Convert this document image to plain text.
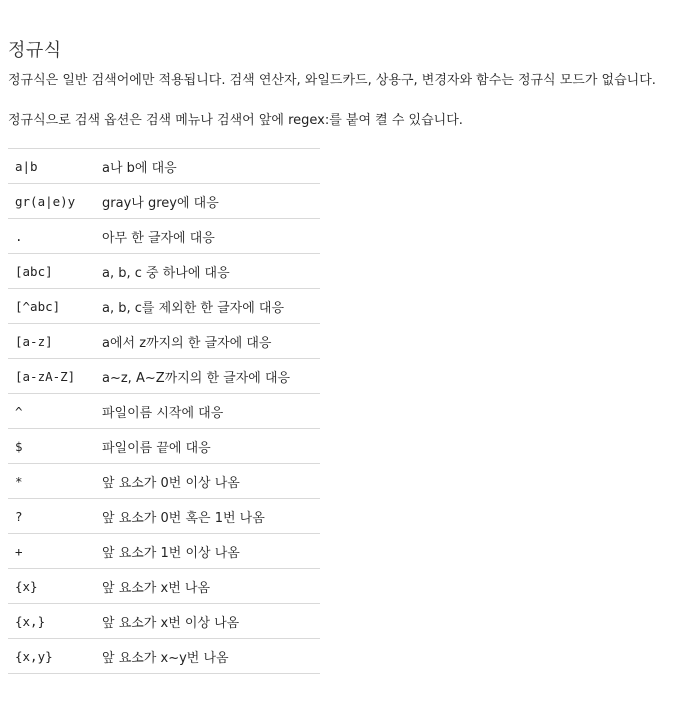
정규식

정규식은 일반 검색어에만 적용됩니다. 검색 연산자, 와일드카드, 상용구, 변경자와 함수는 정규식 모드가 없습니다.

정규식으로 검색 옵션은 검색 메뉴나 검색어 앞에 regex:를 붙여 켤 수 있습니다.

a|b	a나 b에 대응
gr(a|e)y	gray나 grey에 대응
.	아무 한 글자에 대응
[abc]	a, b, c 중 하나에 대응
[^abc]	a, b, c를 제외한 한 글자에 대응
[a-z]	a에서 z까지의 한 글자에 대응
[a-zA-Z]	a~z, A~Z까지의 한 글자에 대응
^	파일이름 시작에 대응
$	파일이름 끝에 대응
*	앞 요소가 0번 이상 나옴
?	앞 요소가 0번 혹은 1번 나옴
+	앞 요소가 1번 이상 나옴
{x}	앞 요소가 x번 나옴
{x,}	앞 요소가 x번 이상 나옴
{x,y}	앞 요소가 x~y번 나옴
